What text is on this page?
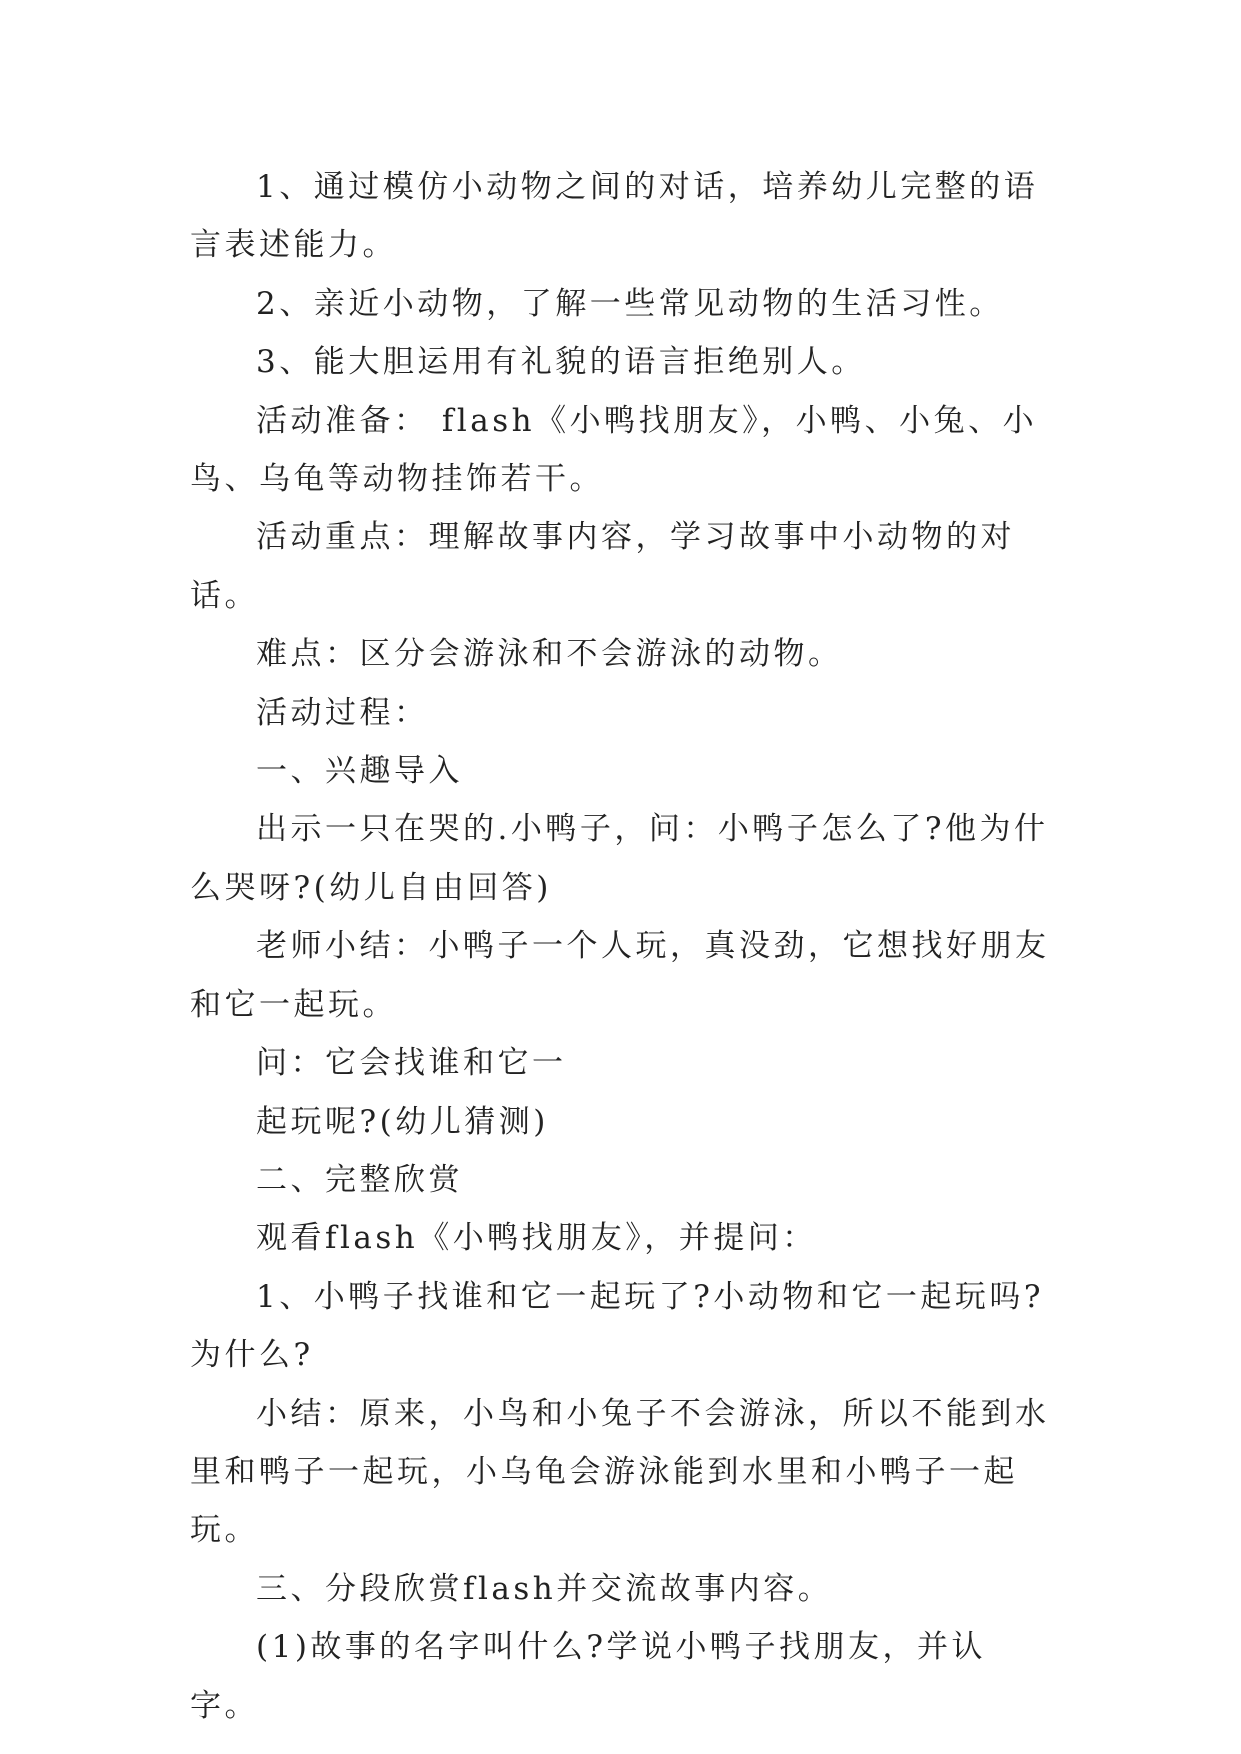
1、通过模仿小动物之间的对话，培养幼儿完整的语言表述能力。

2、亲近小动物，了解一些常见动物的生活习性。

3、能大胆运用有礼貌的语言拒绝别人。

活动准备： flash《小鸭找朋友》，小鸭、小兔、小鸟、乌龟等动物挂饰若干。

活动重点：理解故事内容，学习故事中小动物的对话。

难点：区分会游泳和不会游泳的动物。

活动过程：

一、兴趣导入

出示一只在哭的.小鸭子，问：小鸭子怎么了?他为什么哭呀?(幼儿自由回答)

老师小结：小鸭子一个人玩，真没劲，它想找好朋友和它一起玩。

问：它会找谁和它一

起玩呢?(幼儿猜测)

二、完整欣赏

观看flash《小鸭找朋友》，并提问：

1、小鸭子找谁和它一起玩了?小动物和它一起玩吗?为什么?

小结：原来，小鸟和小兔子不会游泳，所以不能到水里和鸭子一起玩，小乌龟会游泳能到水里和小鸭子一起玩。

三、分段欣赏flash并交流故事内容。

(1)故事的名字叫什么?学说小鸭子找朋友，并认字。
